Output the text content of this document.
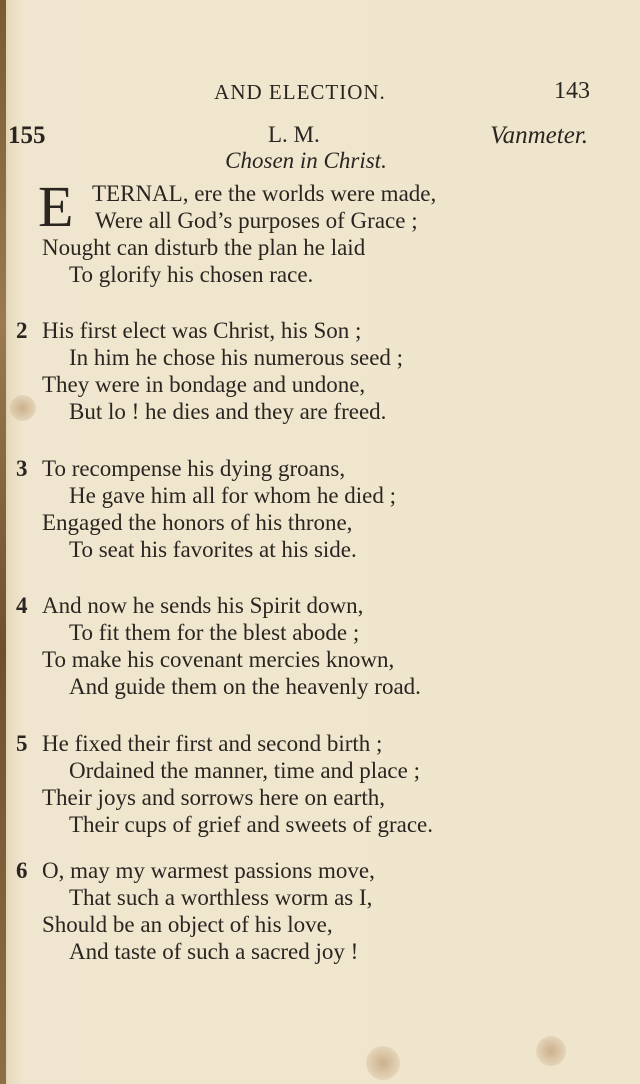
AND ELECTION.	143
155	L. M.	Vanmeter.
Chosen in Christ.
E TERNAL, ere the worlds were made,
Were all God’s purposes of Grace ;
Nought can disturb the plan he laid
To glorify his chosen race.
2 His first elect was Christ, his Son ;
In him he chose his numerous seed ;
They were in bondage and undone,
But lo ! he dies and they are freed.
3 To recompense his dying groans,
He gave him all for whom he died ;
Engaged the honors of his throne,
To seat his favorites at his side.
4 And now he sends his Spirit down,
To fit them for the blest abode ;
To make his covenant mercies known,
And guide them on the heavenly road.
5 He fixed their first and second birth ;
Ordained the manner, time and place ;
Their joys and sorrows here on earth,
Their cups of grief and sweets of grace.
6 O, may my warmest passions move,
That such a worthless worm as I,
Should be an object of his love,
And taste of such a sacred joy !
